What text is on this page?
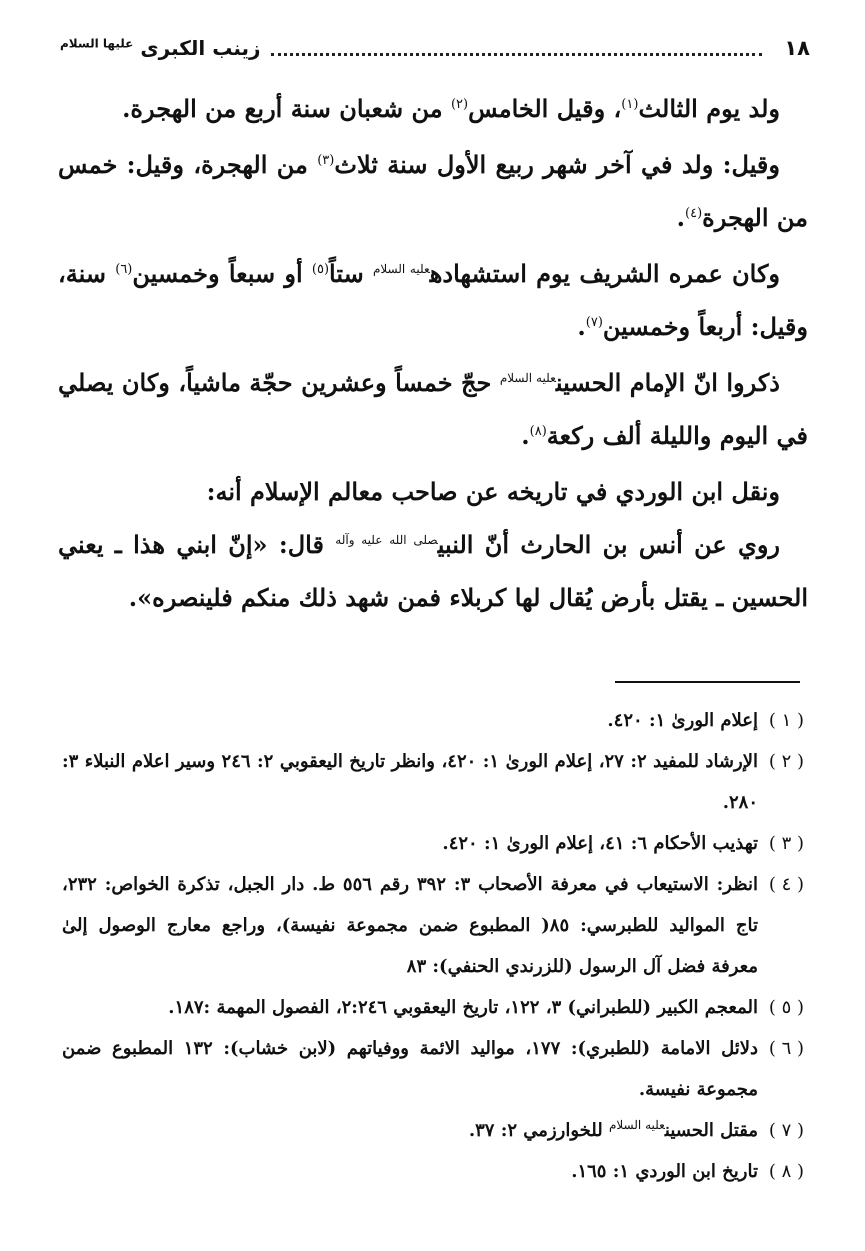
١٨
زينب الكبرى $^{عليها السلام}$

ولد يوم الثالث$^{(١)}$، وقيل الخامس$^{(٢)}$ من شعبان سنة أربع من الهجرة.

وقيل: ولد في آخر شهر ربيع الأول سنة ثلاث$^{(٣)}$ من الهجرة، وقيل: خمس من الهجرة$^{(٤)}$.

وكان عمره الشريف يوم استشهاده$^{عليه السلام}$ ستاً$^{(٥)}$ أو سبعاً وخمسين$^{(٦)}$ سنة، وقيل: أربعاً وخمسين$^{(٧)}$.

ذكروا انّ الإمام الحسين$^{عليه السلام}$ حجّ خمساً وعشرين حجّة ماشياً، وكان يصلي في اليوم والليلة ألف ركعة$^{(٨)}$.

ونقل ابن الوردي في تاريخه عن صاحب معالم الإسلام أنه:

روي عن أنس بن الحارث أنّ النبي$^{صلى الله عليه وآله}$ قال: «إنّ ابني هذا ـ يعني الحسين ـ يقتل بأرض يُقال لها كربلاء فمن شهد ذلك منكم فلينصره».

( ١ )
إعلام الورىٰ ١: ٤٢٠.
( ٢ )
الإرشاد للمفيد ٢: ٢٧، إعلام الورىٰ ١: ٤٢٠، وانظر تاريخ اليعقوبي ٢: ٢٤٦ وسير اعلام النبلاء ٣: ٢٨٠.
( ٣ )
تهذيب الأحكام ٦: ٤١، إعلام الورىٰ ١: ٤٢٠.
( ٤ )
انظر: الاستيعاب في معرفة الأصحاب ٣: ٣٩٢ رقم ٥٥٦ ط. دار الجبل، تذكرة الخواص: ٢٣٢، تاج المواليد للطبرسي: ٨٥( المطبوع ضمن مجموعة نفيسة)، وراجع معارج الوصول إلىٰ معرفة فضل آل الرسول (للزرندي الحنفي): ٨٣
( ٥ )
المعجم الكبير (للطبراني) ٣، ١٢٢، تاريخ اليعقوبي ٢:٢٤٦، الفصول المهمة :١٨٧.
( ٦ )
دلائل الامامة (للطبري): ١٧٧، مواليد الائمة ووفياتهم (لابن خشاب): ١٣٢ المطبوع ضمن مجموعة نفيسة.
( ٧ )
مقتل الحسين$^{عليه السلام}$ للخوارزمي ٢: ٣٧.
( ٨ )
تاريخ ابن الوردي ١: ١٦٥.
